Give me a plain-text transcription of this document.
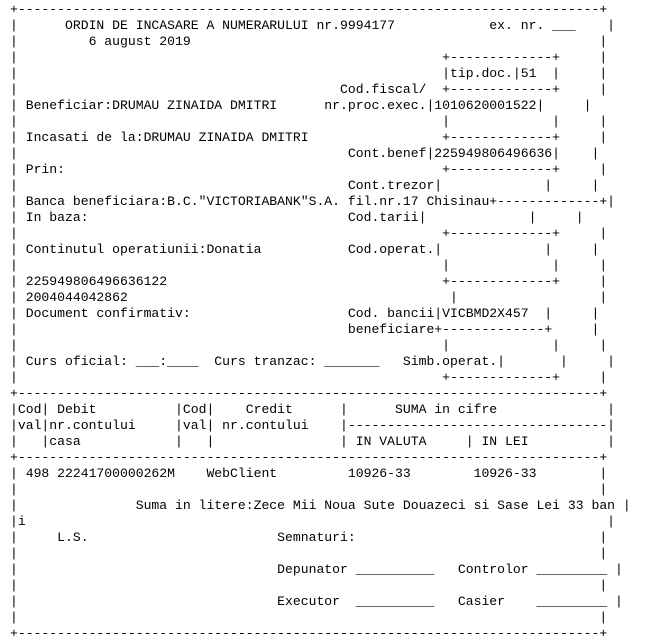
+--------------------------------------------------------------------------+
|      ORDIN DE INCASARE A NUMERARULUI nr.9994177            ex. nr. ___    |
|         6 august 2019                                                    |
|                                                      +-------------+     |
|                                                      |tip.doc.|51  |     |
|                                         Cod.fiscal/  +-------------+     |
| Beneficiar:DRUMAU ZINAIDA DMITRI      nr.proc.exec.|1010620001522|     |
|                                                      |             |     |
| Incasati de la:DRUMAU ZINAIDA DMITRI                 +-------------+     |
|                                          Cont.benef|225949806496636|    |
| Prin:                                                +-------------+     |
|                                          Cont.trezor|             |     |
| Banca beneficiara:B.C."VICTORIABANK"S.A. fil.nr.17 Chisinau+-------------+|
| In baza:                                 Cod.tarii|             |     |
|                                                      +-------------+     |
| Continutul operatiunii:Donatia           Cod.operat.|             |     |
|                                                      |             |     |
| 225949806496636122                                   +-------------+     |
| 2004044042862                                         |                  |
| Document confirmativ:                    Cod. bancii|VICBMD2X457  |     |
|                                          beneficiare+-------------+     |
|                                                      |             |     |
| Curs oficial: ___:____  Curs tranzac: _______   Simb.operat.|       |     |
|                                                      +-------------+     |
+--------------------------------------------------------------------------+
|Cod| Debit          |Cod|    Credit      |      SUMA in cifre              |
|val|nr.contului     |val| nr.contului    |---------------------------------|
|   |casa            |   |                | IN VALUTA     | IN LEI          |
+--------------------------------------------------------------------------+
| 498 22241700000262M    WebClient         10926-33        10926-33        |
|                                                                          |
|               Suma in litere:Zece Mii Noua Sute Douazeci si Sase Lei 33 ban |
|i                                                                          |
|     L.S.                        Semnaturi:                               |
|                                                                          |
|                                 Depunator __________   Controlor _________ |
|                                                                          |
|                                 Executor  __________   Casier    _________ |
|                                                                          |
+--------------------------------------------------------------------------+
